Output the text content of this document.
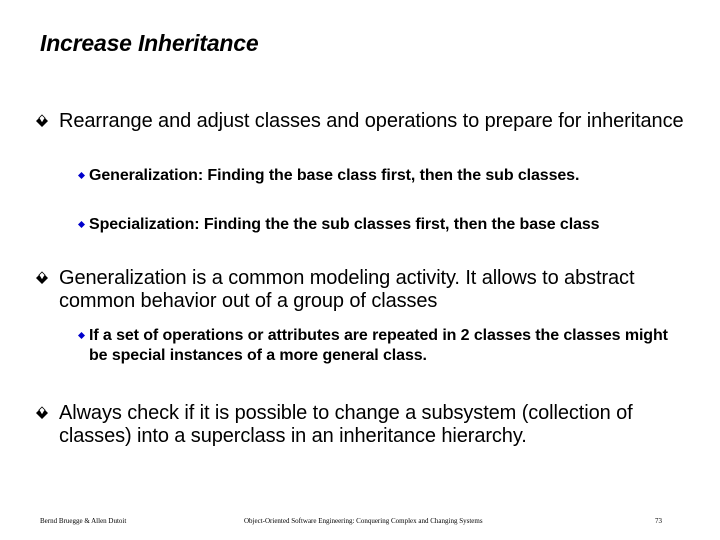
Increase Inheritance
Rearrange and adjust classes and operations to prepare for inheritance
Generalization: Finding the base class first, then the sub classes.
Specialization: Finding the the sub classes first, then the base class
Generalization is a common modeling activity. It allows to abstract common behavior out of a group of classes
If a set of operations or attributes are repeated in 2 classes the classes might be special instances of a more general class.
Always check if it is possible to change a subsystem (collection of classes) into a superclass in an inheritance hierarchy.
Bernd Bruegge & Allen Dutoit	Object-Oriented Software Engineering: Conquering Complex and Changing Systems	73
